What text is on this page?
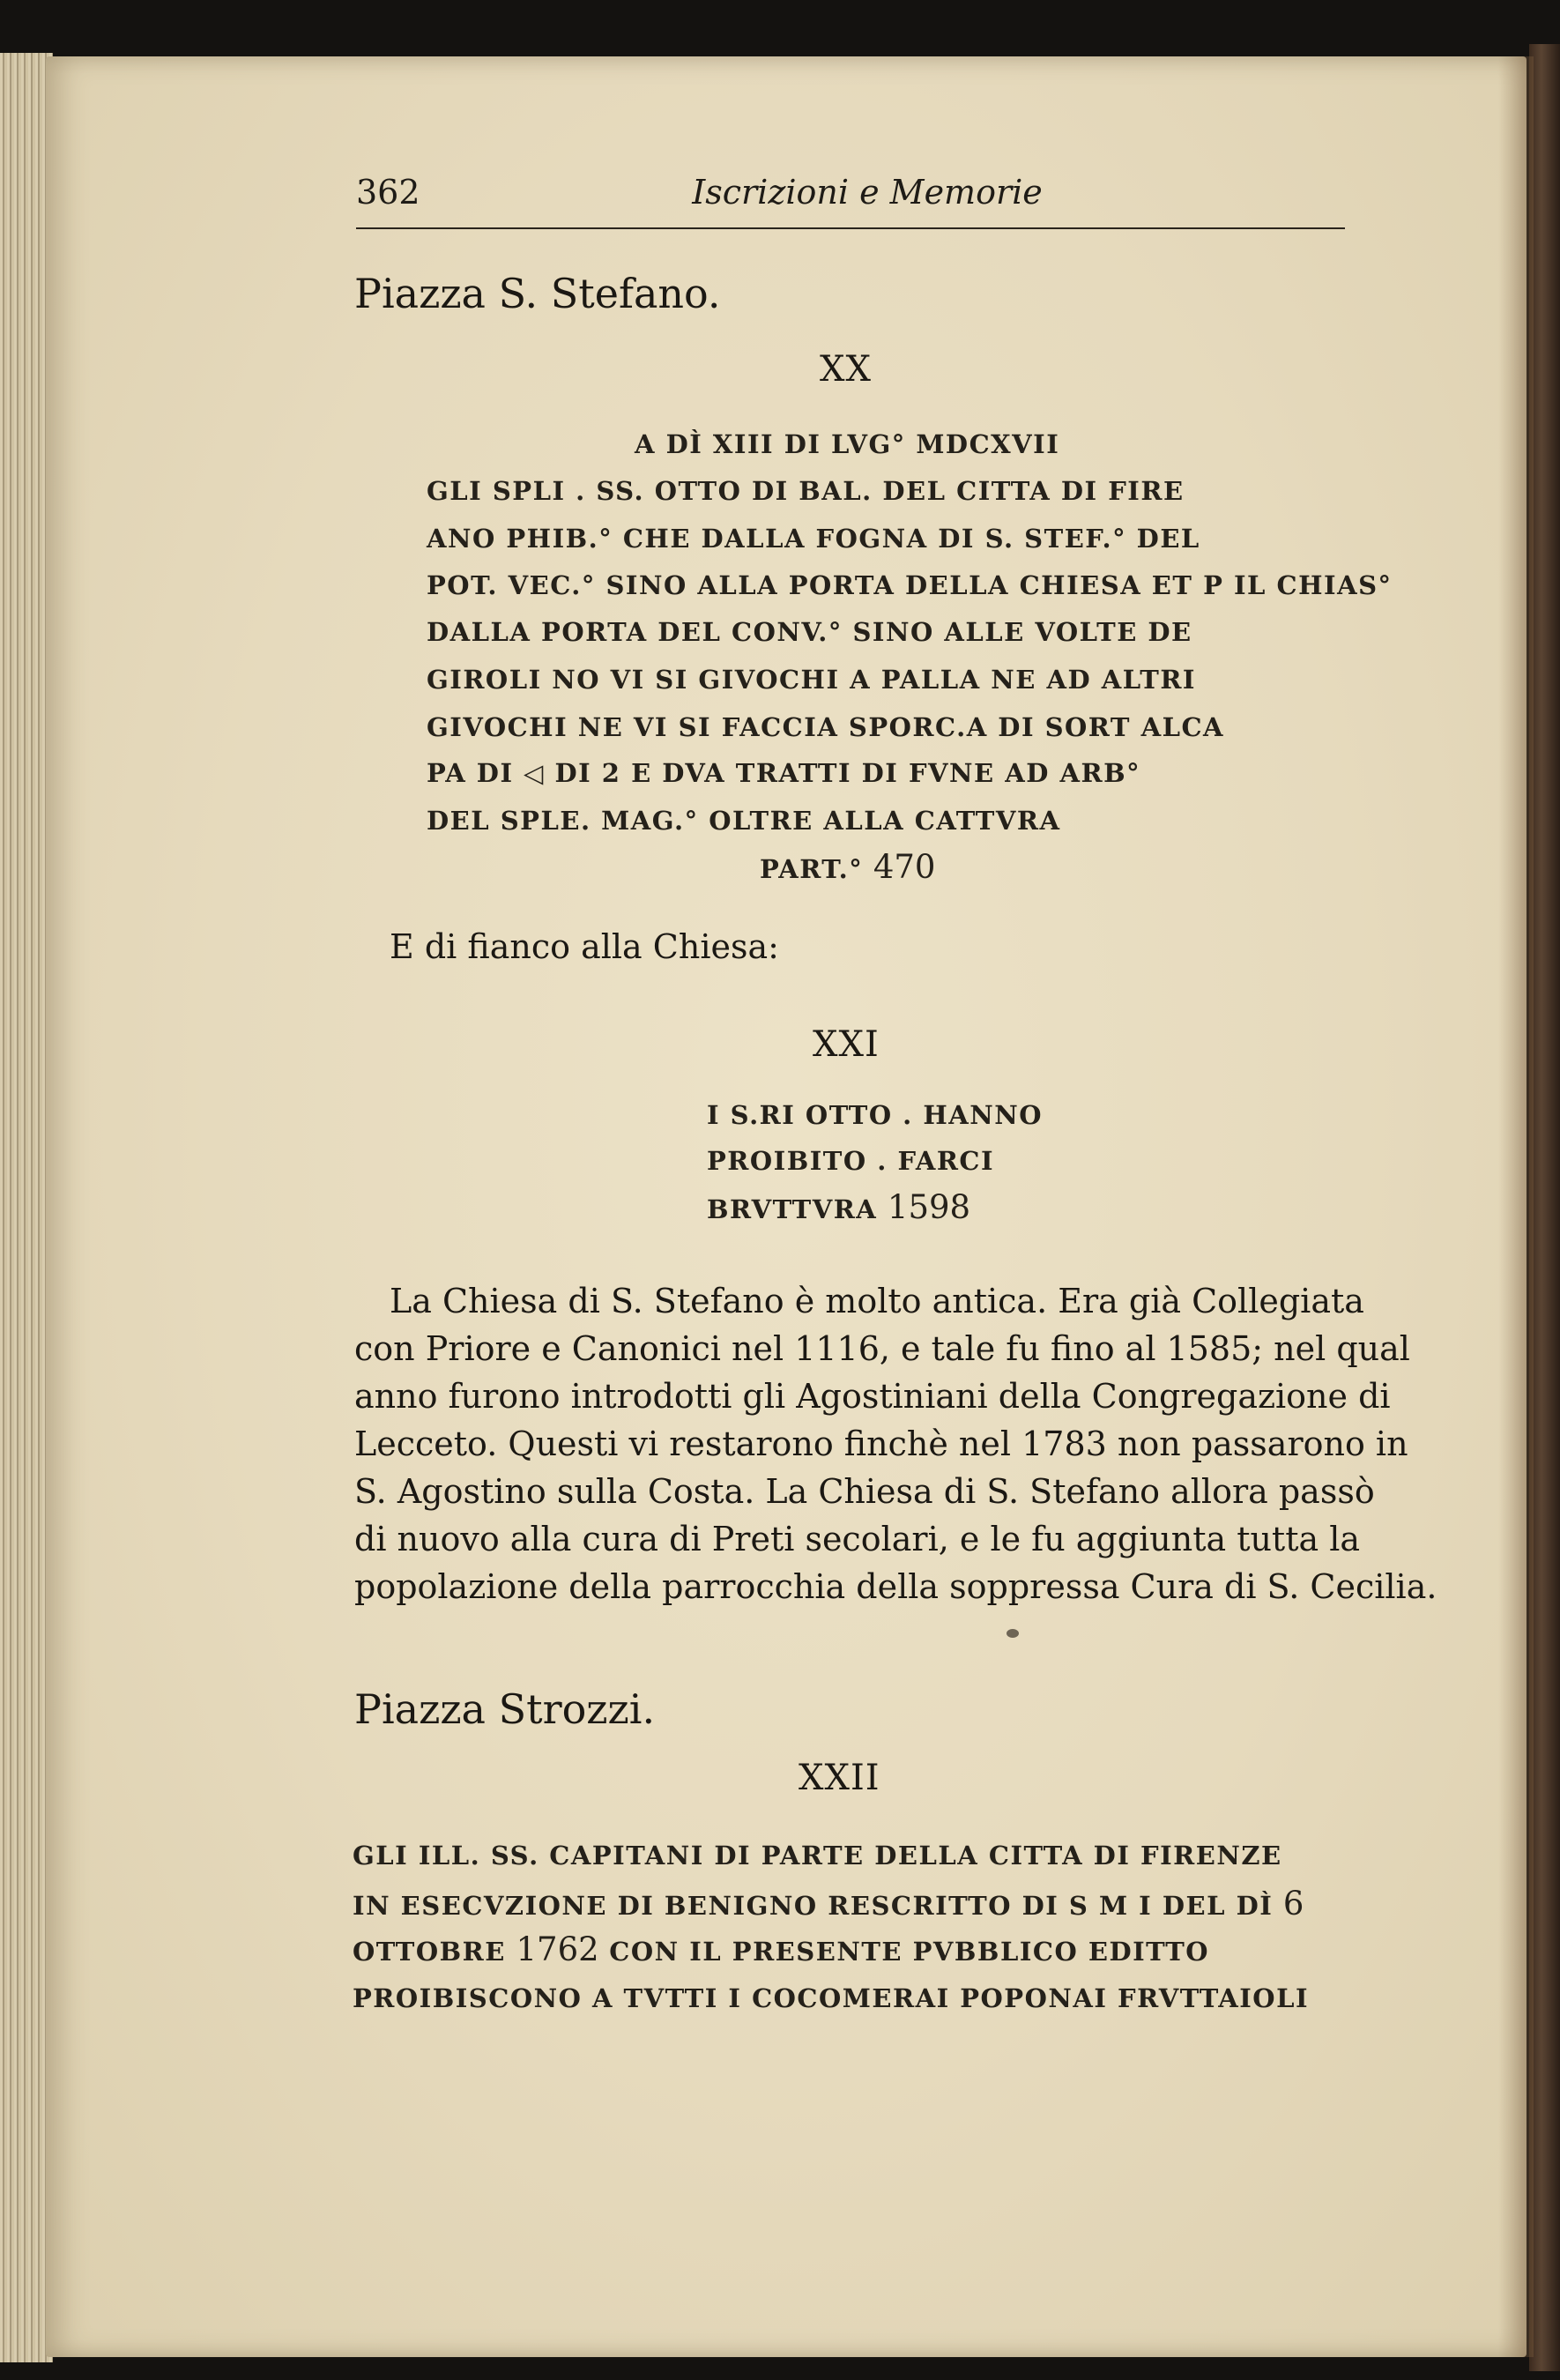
362	Iscrizioni e Memorie
Piazza S. Stefano.
XX
A DÌ XIII DI LVG° MDCXVII
GLI SPLI . SS. OTTO DI BAL. DEL CITTA DI FIRE
ANO PHIB.° CHE DALLA FOGNA DI S. STEF.° DEL
POT. VEC.° SINO ALLA PORTA DELLA CHIESA ET P IL CHIAS°
DALLA PORTA DEL CONV.° SINO ALLE VOLTE DE
GIROLI NO VI SI GIVOCHI A PALLA NE AD ALTRI
GIVOCHI NE VI SI FACCIA SPORC.A DI SORT ALCA
PA DI ◁ DI 2 E DVA TRATTI DI FVNE AD ARB°
DEL SPLE. MAG.° OLTRE ALLA CATTVRA
PART.° 470
E di fianco alla Chiesa:
XXI
I S.RI OTTO . HANNO
PROIBITO . FARCI
BRVTTVRA 1598
La Chiesa di S. Stefano è molto antica. Era già Collegiata
con Priore e Canonici nel 1116, e tale fu fino al 1585; nel qual
anno furono introdotti gli Agostiniani della Congregazione di
Lecceto. Questi vi restarono finchè nel 1783 non passarono in
S. Agostino sulla Costa. La Chiesa di S. Stefano allora passò
di nuovo alla cura di Preti secolari, e le fu aggiunta tutta la
popolazione della parrocchia della soppressa Cura di S. Cecilia.
Piazza Strozzi.
XXII
GLI ILL. SS. CAPITANI DI PARTE DELLA CITTA DI FIRENZE
IN ESECVZIONE DI BENIGNO RESCRITTO DI S M I DEL DÌ 6
OTTOBRE 1762 CON IL PRESENTE PVBBLICO EDITTO
PROIBISCONO A TVTTI I COCOMERAI POPONAI FRVTTAIOLI
